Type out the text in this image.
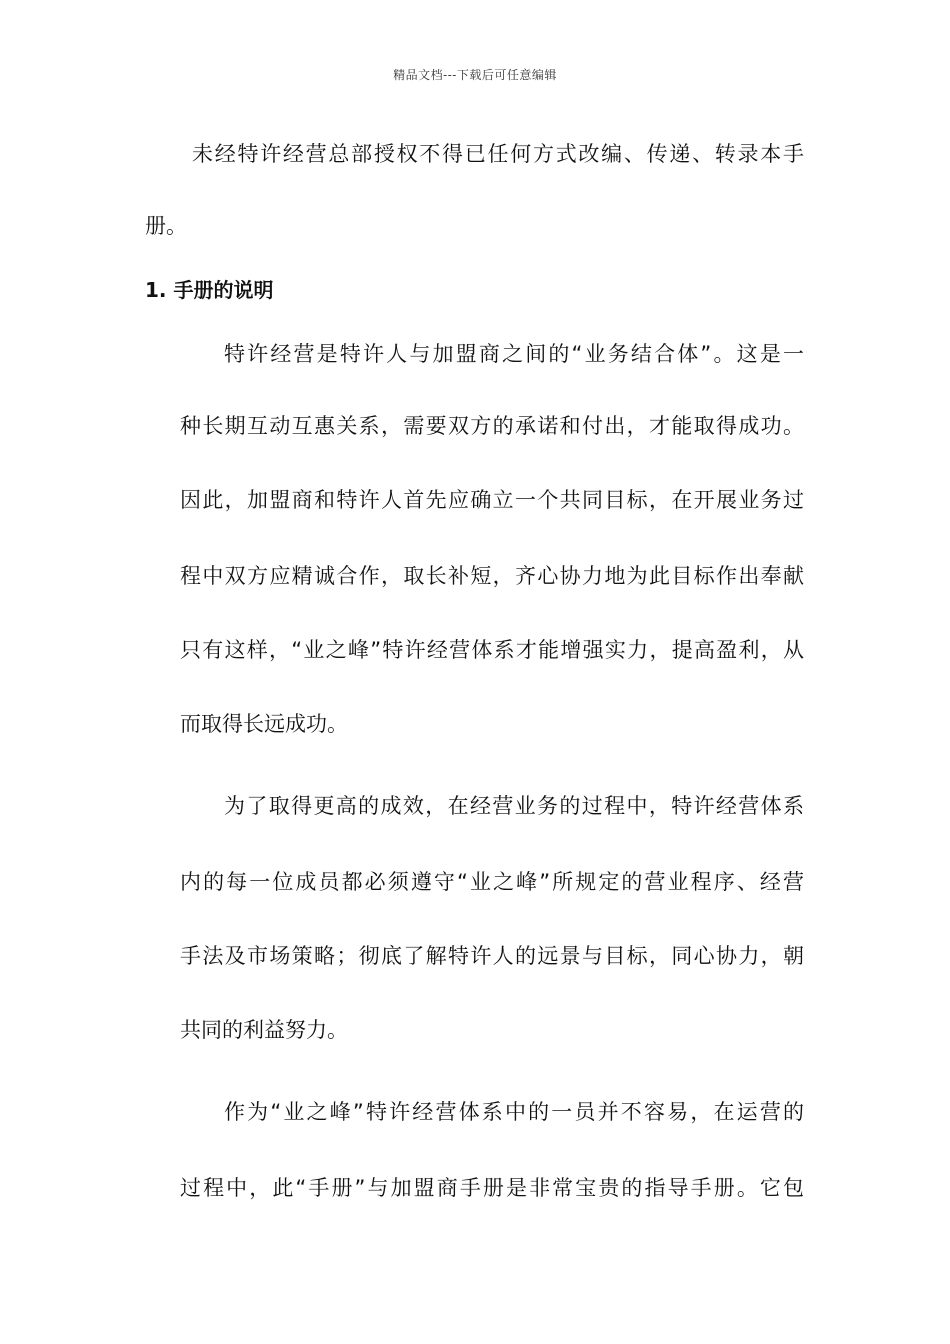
精品文档---下载后可任意编辑
未经特许经营总部授权不得已任何方式改编、传递、转录本手
册。
1. 手册的说明
特许经营是特许人与加盟商之间的“业务结合体”。这是一
种长期互动互惠关系，需要双方的承诺和付出，才能取得成功。
因此，加盟商和特许人首先应确立一个共同目标，在开展业务过
程中双方应精诚合作，取长补短，齐心协力地为此目标作出奉献
只有这样，“业之峰”特许经营体系才能增强实力，提高盈利，从
而取得长远成功。
为了取得更高的成效，在经营业务的过程中，特许经营体系
内的每一位成员都必须遵守“业之峰”所规定的营业程序、经营
手法及市场策略；彻底了解特许人的远景与目标，同心协力，朝
共同的利益努力。
作为“业之峰”特许经营体系中的一员并不容易，在运营的
过程中，此“手册”与加盟商手册是非常宝贵的指导手册。它包
